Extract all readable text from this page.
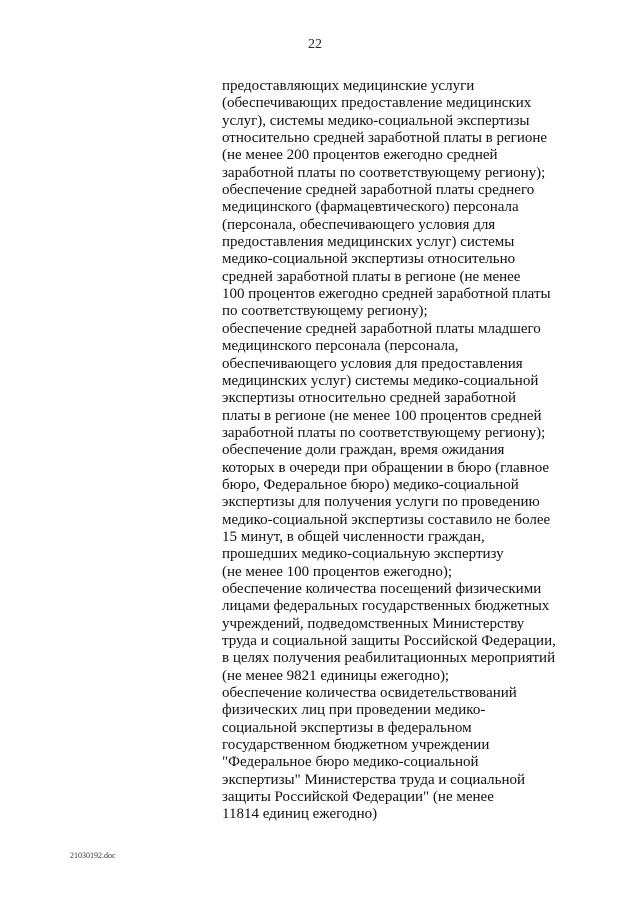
22
предоставляющих медицинские услуги
(обеспечивающих предоставление медицинских
услуг), системы медико-социальной экспертизы
относительно средней заработной платы в регионе
(не менее 200 процентов ежегодно средней
заработной платы по соответствующему региону);
обеспечение средней заработной платы среднего
медицинского (фармацевтического) персонала
(персонала, обеспечивающего условия для
предоставления медицинских услуг) системы
медико-социальной экспертизы относительно
средней заработной платы в регионе (не менее
100 процентов ежегодно средней заработной платы
по соответствующему региону);
обеспечение средней заработной платы младшего
медицинского персонала (персонала,
обеспечивающего условия для предоставления
медицинских услуг) системы медико-социальной
экспертизы относительно средней заработной
платы в регионе (не менее 100 процентов средней
заработной платы по соответствующему региону);
обеспечение доли граждан, время ожидания
которых в очереди при обращении в бюро (главное
бюро, Федеральное бюро) медико-социальной
экспертизы для получения услуги по проведению
медико-социальной экспертизы составило не более
15 минут, в общей численности граждан,
прошедших медико-социальную экспертизу
(не менее 100 процентов ежегодно);
обеспечение количества посещений физическими
лицами федеральных государственных бюджетных
учреждений, подведомственных Министерству
труда и социальной защиты Российской Федерации,
в целях получения реабилитационных мероприятий
(не менее 9821 единицы ежегодно);
обеспечение количества освидетельствований
физических лиц при проведении медико-
социальной экспертизы в федеральном
государственном бюджетном учреждении
"Федеральное бюро медико-социальной
экспертизы" Министерства труда и социальной
защиты Российской Федерации" (не менее
11814 единиц ежегодно)
21030192.doc
